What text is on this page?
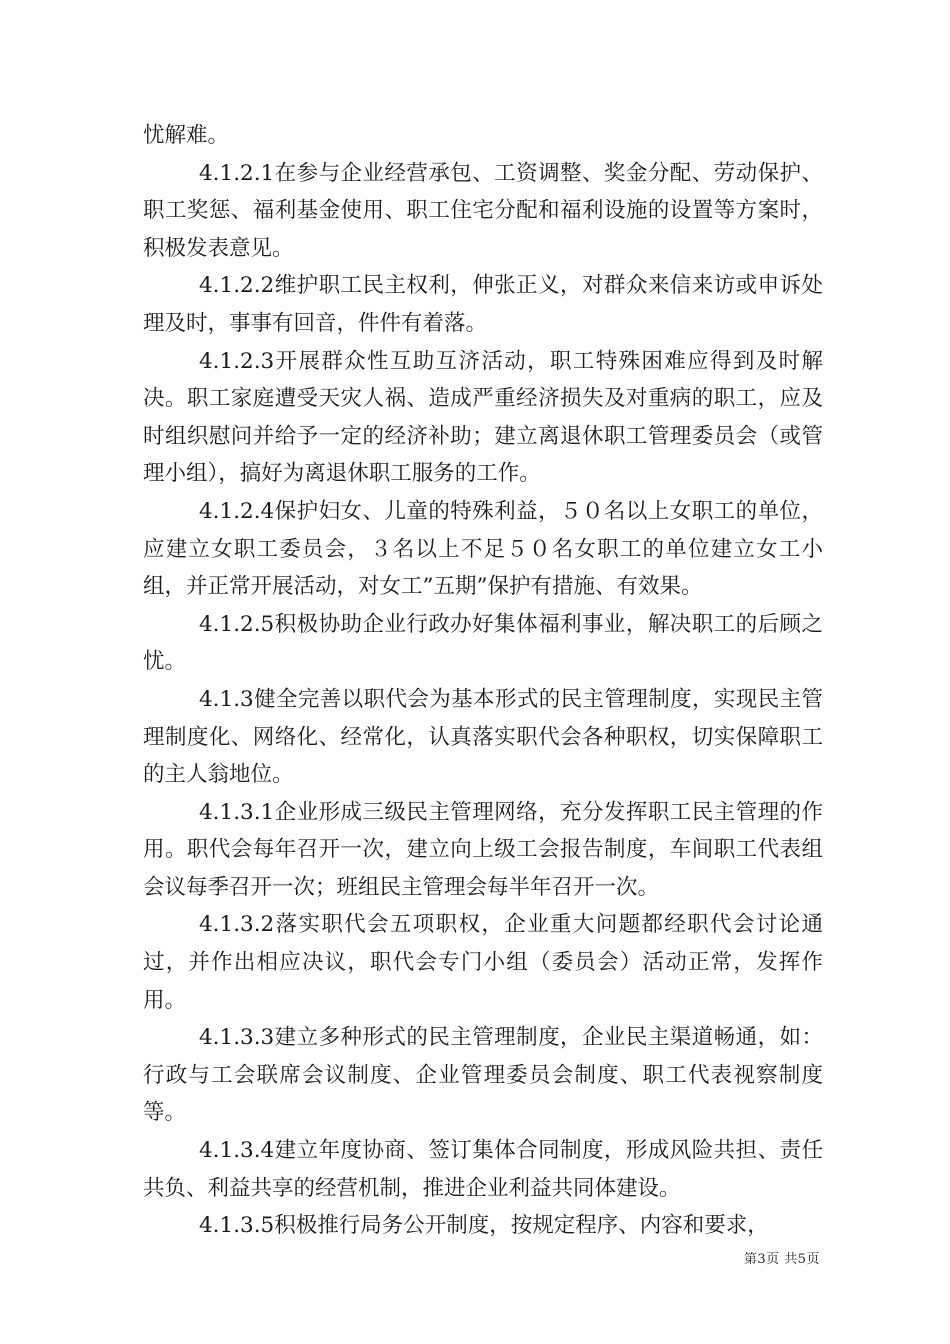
忧解难。

4.1.2.1在参与企业经营承包、工资调整、奖金分配、劳动保护、职工奖惩、福利基金使用、职工住宅分配和福利设施的设置等方案时，积极发表意见。

4.1.2.2维护职工民主权利，伸张正义，对群众来信来访或申诉处理及时，事事有回音，件件有着落。

4.1.2.3开展群众性互助互济活动，职工特殊困难应得到及时解决。职工家庭遭受天灾人祸、造成严重经济损失及对重病的职工，应及时组织慰问并给予一定的经济补助；建立离退休职工管理委员会（或管理小组），搞好为离退休职工服务的工作。

4.1.2.4保护妇女、儿童的特殊利益，５０名以上女职工的单位，应建立女职工委员会，３名以上不足５０名女职工的单位建立女工小组，并正常开展活动，对女工”五期”保护有措施、有效果。

4.1.2.5积极协助企业行政办好集体福利事业，解决职工的后顾之忧。

4.1.3健全完善以职代会为基本形式的民主管理制度，实现民主管理制度化、网络化、经常化，认真落实职代会各种职权，切实保障职工的主人翁地位。

4.1.3.1企业形成三级民主管理网络，充分发挥职工民主管理的作用。职代会每年召开一次，建立向上级工会报告制度，车间职工代表组会议每季召开一次；班组民主管理会每半年召开一次。

4.1.3.2落实职代会五项职权，企业重大问题都经职代会讨论通过，并作出相应决议，职代会专门小组（委员会）活动正常，发挥作用。

4.1.3.3建立多种形式的民主管理制度，企业民主渠道畅通，如：行政与工会联席会议制度、企业管理委员会制度、职工代表视察制度等。

4.1.3.4建立年度协商、签订集体合同制度，形成风险共担、责任共负、利益共享的经营机制，推进企业利益共同体建设。

4.1.3.5积极推行局务公开制度，按规定程序、内容和要求，

第3页 共5页
